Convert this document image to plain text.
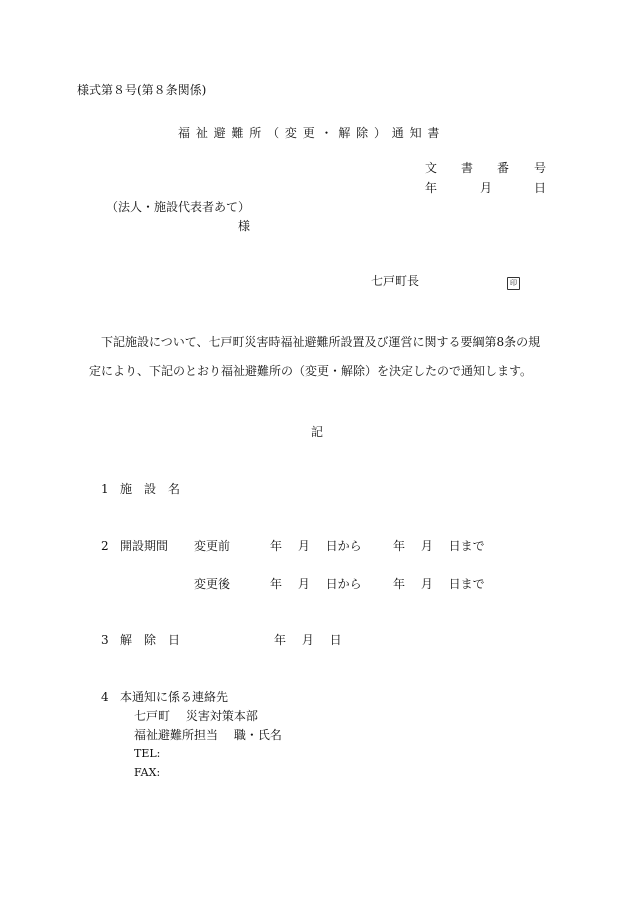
様式第８号(第８条関係)
福 祉 避 難 所 （ 変 更 ・ 解 除 ） 通 知 書
文 書 番 号
年	月	日
（法人・施設代表者あて）
様
七戸町長	印
下記施設について、七戸町災害時福祉避難所設置及び運営に関する要綱第8条の規
定により、下記のとおり福祉避難所の（変更・解除）を決定したので通知します。
記
1 施　設　名
2 開設期間 変更前	年　 月　 日から	年　 月　 日まで
変更後	年　 月　 日から	年　 月　 日まで
3 解　除　日	年　 月　 日
4 本通知に係る連絡先
七戸町　 災害対策本部
福祉避難所担当　 職・氏名
TEL:
FAX:
